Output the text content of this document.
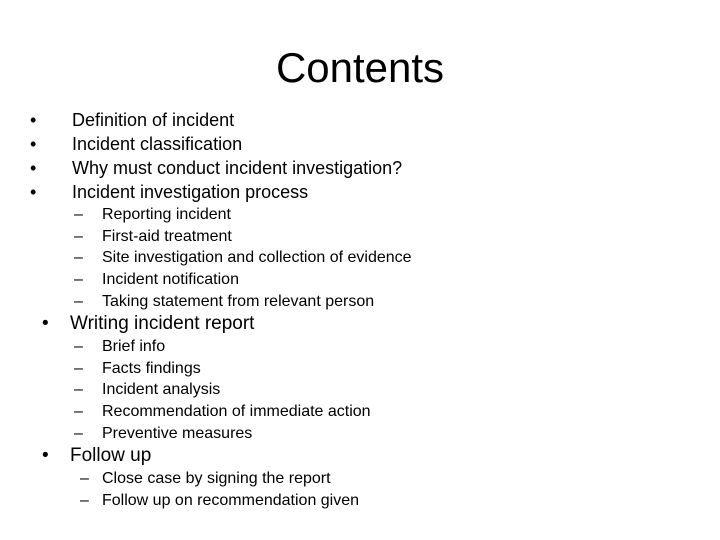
Contents
• Definition of incident
• Incident classification
• Why must conduct incident investigation?
• Incident investigation process
– Reporting incident
– First-aid treatment
– Site investigation and collection of evidence
– Incident notification
– Taking statement from relevant person
• Writing incident report
– Brief info
– Facts findings
– Incident analysis
– Recommendation of immediate action
– Preventive measures
• Follow up
– Close case by signing the report
– Follow up on recommendation given
